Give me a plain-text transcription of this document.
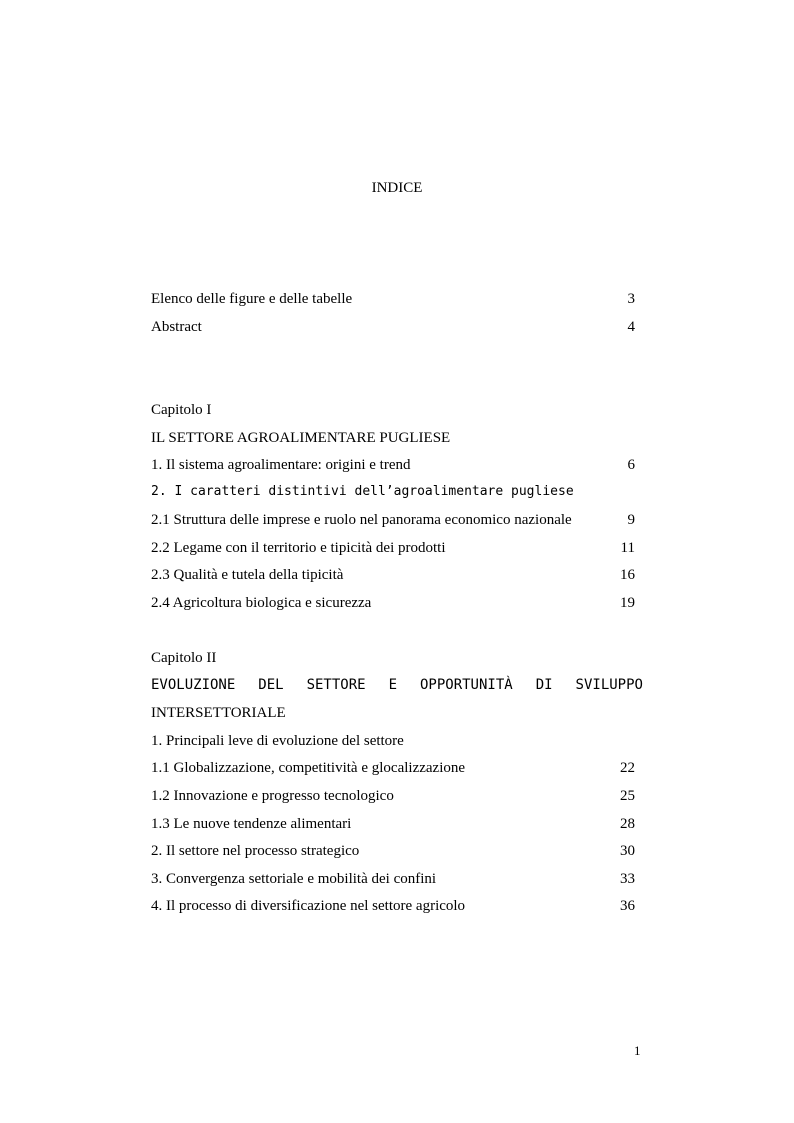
INDICE
Elenco delle figure e delle tabelle	3
Abstract	4
Capitolo I
IL SETTORE AGROALIMENTARE PUGLIESE
1. Il sistema agroalimentare: origini e trend	6
2. I caratteri distintivi dell’agroalimentare pugliese
2.1 Struttura delle imprese e ruolo nel panorama economico nazionale	9
2.2 Legame con il territorio e tipicità dei prodotti	11
2.3 Qualità e tutela della tipicità	16
2.4 Agricoltura biologica e sicurezza	19
Capitolo II
EVOLUZIONE DEL SETTORE E OPPORTUNITÀ DI SVILUPPO
INTERSETTORIALE
1. Principali leve di evoluzione del settore
1.1 Globalizzazione, competitività e glocalizzazione	22
1.2 Innovazione e progresso tecnologico	25
1.3 Le nuove tendenze alimentari	28
2. Il settore nel processo strategico	30
3. Convergenza settoriale e mobilità dei confini	33
4. Il processo di diversificazione nel settore agricolo	36
1
